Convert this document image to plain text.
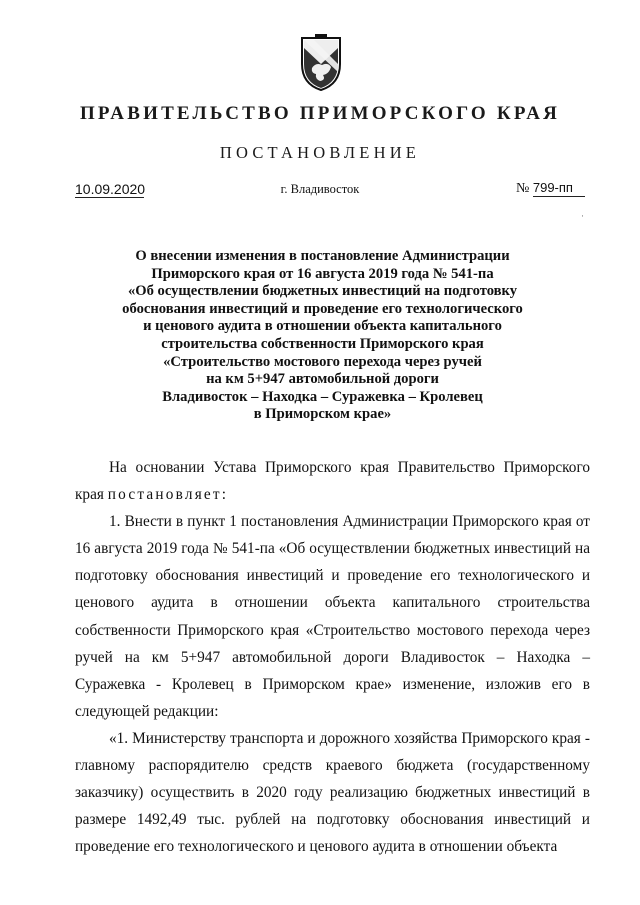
ПРАВИТЕЛЬСТВО ПРИМОРСКОГО КРАЯ
ПОСТАНОВЛЕНИЕ
10.09.2020	г. Владивосток	№ 799-пп
·
О внесении изменения в постановление Администрации
Приморского края от 16 августа 2019 года № 541-па
«Об осуществлении бюджетных инвестиций на подготовку
обоснования инвестиций и проведение его технологического
и ценового аудита в отношении объекта капитального
строительства собственности Приморского края
«Строительство мостового перехода через ручей
на км 5+947 автомобильной дороги
Владивосток – Находка – Суражевка – Кролевец
в Приморском крае»

На основании Устава Приморского края Правительство Приморского края постановляет:

1. Внести в пункт 1 постановления Администрации Приморского края от 16 августа 2019 года № 541-па «Об осуществлении бюджетных инвестиций на подготовку обоснования инвестиций и проведение его технологического и ценового аудита в отношении объекта капитального строительства собственности Приморского края «Строительство мостового перехода через ручей на км 5+947 автомобильной дороги Владивосток – Находка – Суражевка - Кролевец в Приморском крае» изменение, изложив его в следующей редакции:

«1. Министерству транспорта и дорожного хозяйства Приморского края - главному распорядителю средств краевого бюджета (государственному заказчику) осуществить в 2020 году реализацию бюджетных инвестиций в размере 1492,49 тыс. рублей на подготовку обоснования инвестиций и проведение его технологического и ценового аудита в отношении объекта
